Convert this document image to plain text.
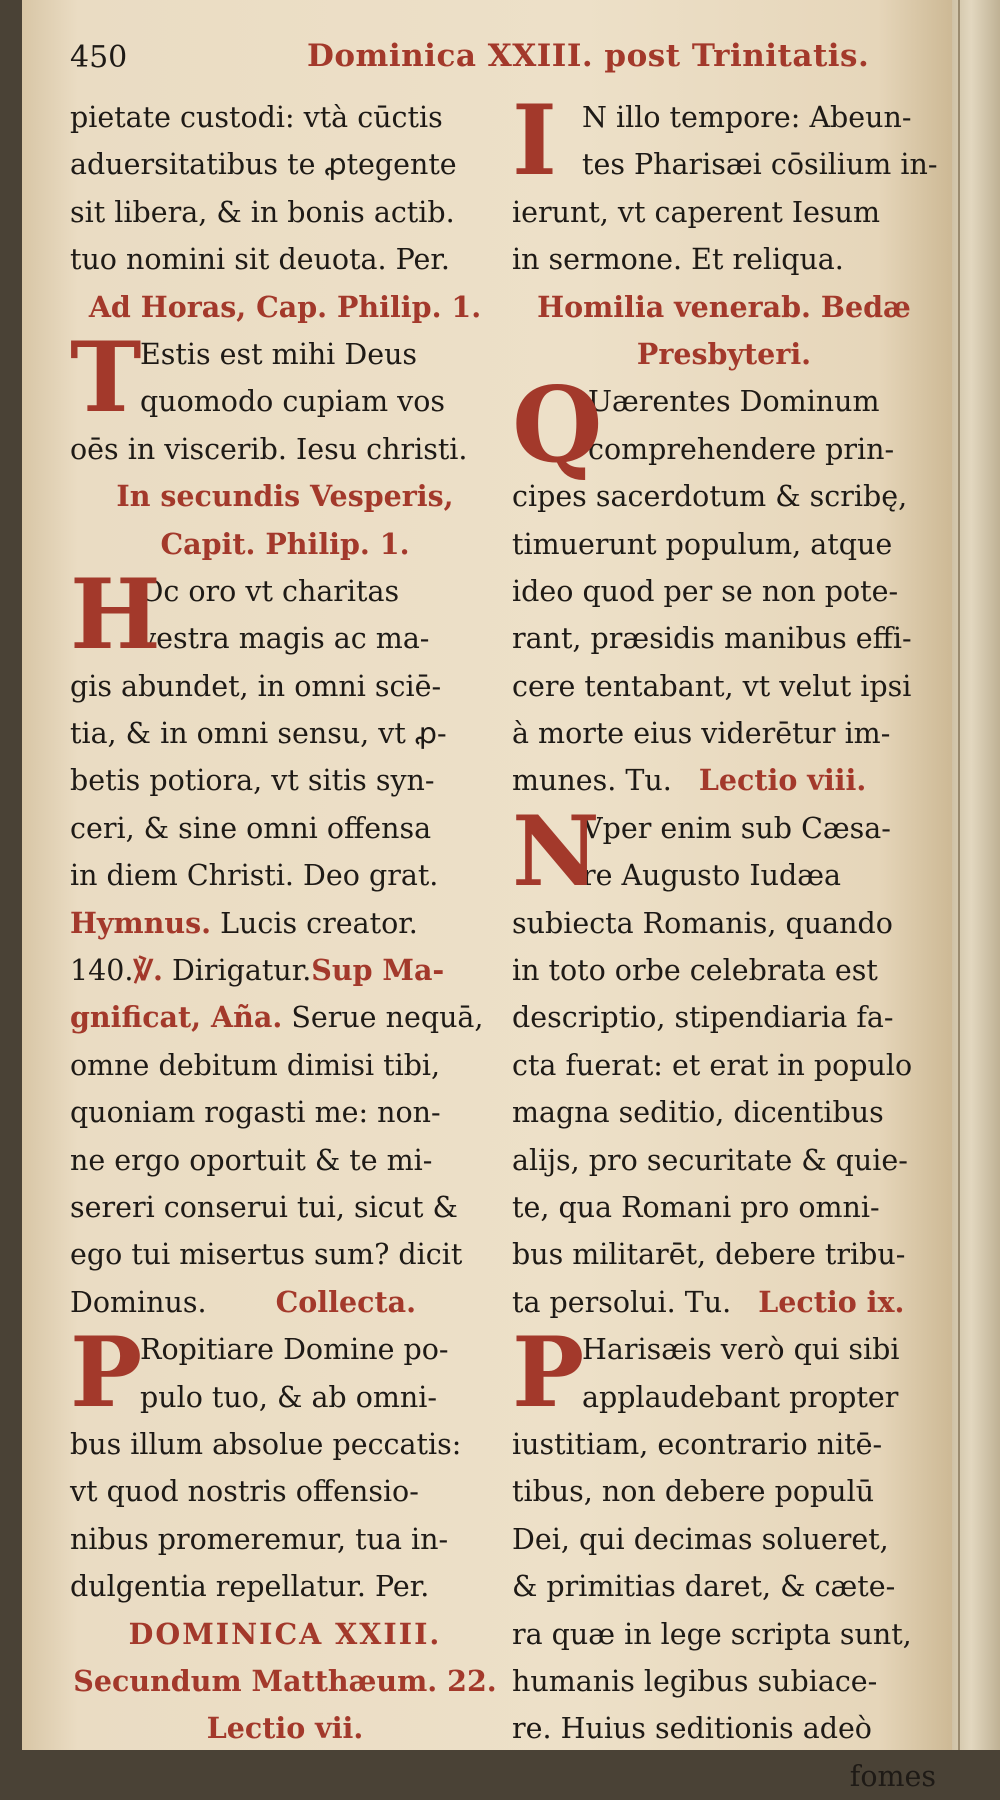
450	Dominica XXIII. post Trinitatis.
pietate custodi: vtà cūctis
aduersitatibus te ꝓtegente
sit libera, & in bonis actib.
tuo nomini sit deuota. Per.
Ad Horas, Cap. Philip. 1.
T
Estis est mihi Deus
quomodo cupiam vos
oēs in viscerib. Iesu christi.
In secundis Vesperis,
Capit. Philip. 1.
H
Oc oro vt charitas
vestra magis ac ma-
gis abundet, in omni sciē-
tia, & in omni sensu, vt ꝓ-
betis potiora, vt sitis syn-
ceri, & sine omni offensa
in diem Christi. Deo grat.
Hymnus. Lucis creator.
140.℣. Dirigatur.Sup Ma-
gnificat, Aña. Serue nequā,
omne debitum dimisi tibi,
quoniam rogasti me: non-
ne ergo oportuit & te mi-
sereri conserui tui, sicut &
ego tui misertus sum? dicit
Dominus. Collecta.
P
Ropitiare Domine po-
pulo tuo, & ab omni-
bus illum absolue peccatis:
vt quod nostris offensio-
nibus promeremur, tua in-
dulgentia repellatur. Per.
DOMINICA XXIII.
Secundum Matthæum. 22.
Lectio vii.
I N illo tempore: Abeun-
tes Pharisæi cōsilium in-
ierunt, vt caperent Iesum
in sermone. Et reliqua.
Homilia venerab. Bedæ
Presbyteri.
Q
Uærentes Dominum
comprehendere prin-
cipes sacerdotum & scribę,
timuerunt populum, atque
ideo quod per se non pote-
rant, præsidis manibus effi-
cere tentabant, vt velut ipsi
à morte eius viderētur im-
munes. Tu. Lectio viii.
N
Vper enim sub Cæsa-
re Augusto Iudæa
subiecta Romanis, quando
in toto orbe celebrata est
descriptio, stipendiaria fa-
cta fuerat: et erat in populo
magna seditio, dicentibus
alijs, pro securitate & quie-
te, qua Romani pro omni-
bus militarēt, debere tribu-
ta persolui. Tu. Lectio ix.
P
Harisæis verò qui sibi
applaudebant propter
iustitiam, econtrario nitē-
tibus, non debere populū
Dei, qui decimas solueret,
& primitias daret, & cæte-
ra quæ in lege scripta sunt,
humanis legibus subiace-
re. Huius seditionis adeò
fomes
